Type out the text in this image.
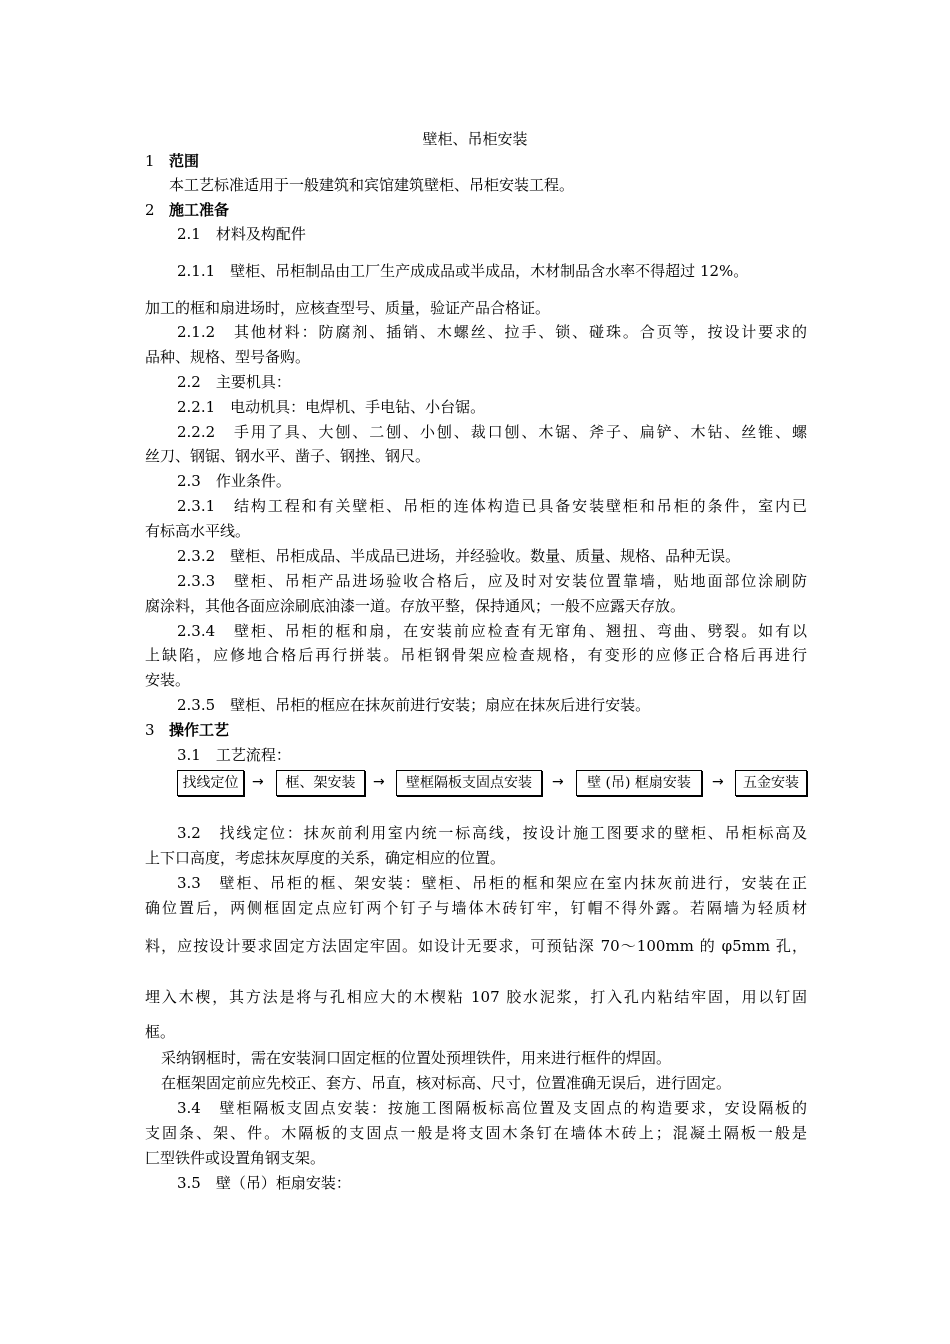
壁柜、吊柜安装
1 范围
本工艺标准适用于一般建筑和宾馆建筑壁柜、吊柜安装工程。
2 施工准备
2.1　材料及构配件
2.1.1　壁柜、吊柜制品由工厂生产成成品或半成品，木材制品含水率不得超过 12%。
加工的框和扇进场时，应核查型号、质量，验证产品合格证。
2.1.2　其他材料：防腐剂、插销、木螺丝、拉手、锁、碰珠。合页等，按设计要求的
品种、规格、型号备购。
2.2　主要机具：
2.2.1　电动机具：电焊机、手电钻、小台锯。
2.2.2　手用了具、大刨、二刨、小刨、裁口刨、木锯、斧子、扁铲、木钻、丝锥、螺
丝刀、钢锯、钢水平、凿子、钢挫、钢尺。
2.3　作业条件。
2.3.1　结构工程和有关壁柜、吊柜的连体构造已具备安装壁柜和吊柜的条件，室内已
有标高水平线。
2.3.2　壁柜、吊柜成品、半成品已进场，并经验收。数量、质量、规格、品种无误。
2.3.3　壁柜、吊柜产品进场验收合格后，应及时对安装位置靠墙，贴地面部位涂刷防
腐涂料，其他各面应涂刷底油漆一道。存放平整，保持通风；一般不应露天存放。
2.3.4　壁柜、吊柜的框和扇，在安装前应检查有无窜角、翘扭、弯曲、劈裂。如有以
上缺陷，应修地合格后再行拼装。吊柜钢骨架应检查规格，有变形的应修正合格后再进行
安装。
2.3.5　壁柜、吊柜的框应在抹灰前进行安装；扇应在抹灰后进行安装。
3 操作工艺
3.1　工艺流程：
找线定位 →	框、架安装	→	壁框隔板支固点安装	→	壁 (吊) 框扇安装	→	五金安装
3.2　找线定位：抹灰前利用室内统一标高线，按设计施工图要求的壁柜、吊柜标高及
上下口高度，考虑抹灰厚度的关系，确定相应的位置。
3.3　壁柜、吊柜的框、架安装：壁柜、吊柜的框和架应在室内抹灰前进行，安装在正
确位置后，两侧框固定点应钉两个钉子与墙体木砖钉牢，钉帽不得外露。若隔墙为轻质材
料，应按设计要求固定方法固定牢固。如设计无要求，可预钻深 70～100mm 的 φ5mm 孔，
埋入木楔，其方法是将与孔相应大的木楔粘 107 胶水泥浆，打入孔内粘结牢固，用以钉固
框。
采纳钢框时，需在安装洞口固定框的位置处预埋铁件，用来进行框件的焊固。
在框架固定前应先校正、套方、吊直，核对标高、尺寸，位置准确无误后，进行固定。
3.4　壁柜隔板支固点安装：按施工图隔板标高位置及支固点的构造要求，安设隔板的
支固条、架、件。木隔板的支固点一般是将支固木条钉在墙体木砖上；混凝土隔板一般是
匚型铁件或设置角钢支架。
3.5　壁（吊）柜扇安装：
